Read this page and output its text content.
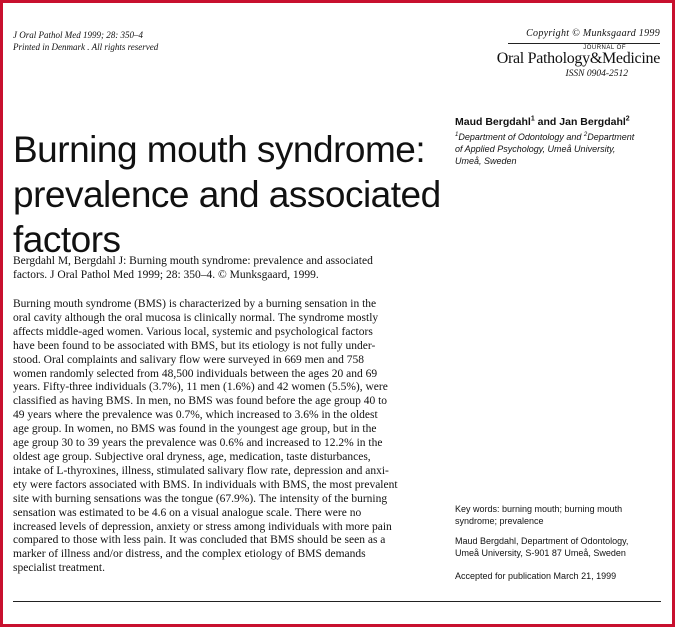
J Oral Pathol Med 1999; 28: 350–4
Printed in Denmark . All rights reserved
Copyright © Munksgaard 1999
JOURNAL OF
Oral Pathology&Medicine
ISSN 0904-2512
Burning mouth syndrome:
prevalence and associated
factors
Maud Bergdahl$^1$ and Jan Bergdahl$^2$
$^1$Department of Odontology and $^2$Department
of Applied Psychology, Umeå University,
Umeå, Sweden
Bergdahl M, Bergdahl J: Burning mouth syndrome: prevalence and associated
factors. J Oral Pathol Med 1999; 28: 350–4. © Munksgaard, 1999.
Burning mouth syndrome (BMS) is characterized by a burning sensation in the
oral cavity although the oral mucosa is clinically normal. The syndrome mostly
affects middle-aged women. Various local, systemic and psychological factors
have been found to be associated with BMS, but its etiology is not fully under-
stood. Oral complaints and salivary flow were surveyed in 669 men and 758
women randomly selected from 48,500 individuals between the ages 20 and 69
years. Fifty-three individuals (3.7%), 11 men (1.6%) and 42 women (5.5%), were
classified as having BMS. In men, no BMS was found before the age group 40 to
49 years where the prevalence was 0.7%, which increased to 3.6% in the oldest
age group. In women, no BMS was found in the youngest age group, but in the
age group 30 to 39 years the prevalence was 0.6% and increased to 12.2% in the
oldest age group. Subjective oral dryness, age, medication, taste disturbances,
intake of L-thyroxines, illness, stimulated salivary flow rate, depression and anxi-
ety were factors associated with BMS. In individuals with BMS, the most prevalent
site with burning sensations was the tongue (67.9%). The intensity of the burning
sensation was estimated to be 4.6 on a visual analogue scale. There were no
increased levels of depression, anxiety or stress among individuals with more pain
compared to those with less pain. It was concluded that BMS should be seen as a
marker of illness and/or distress, and the complex etiology of BMS demands
specialist treatment.
Key words: burning mouth; burning mouth
syndrome; prevalence
Maud Bergdahl, Department of Odontology,
Umeå University, S-901 87 Umeå, Sweden
Accepted for publication March 21, 1999
